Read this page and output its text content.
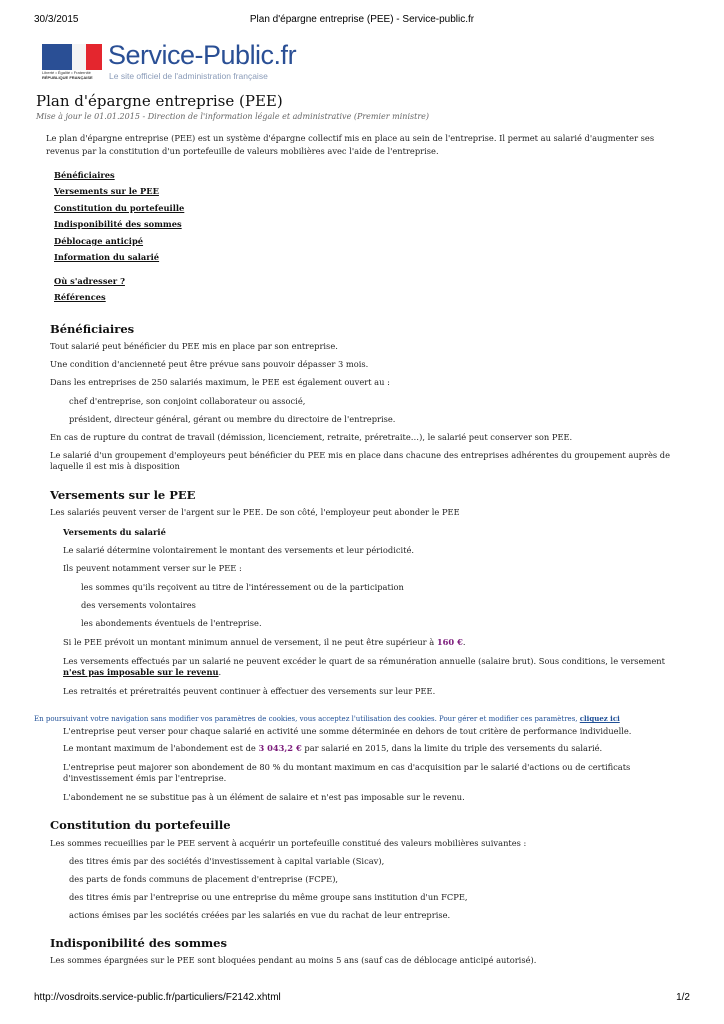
30/3/2015	Plan d'épargne entreprise (PEE) - Service-public.fr
Liberté • Égalité • Fraternité
RÉPUBLIQUE FRANÇAISE
Service-Public.fr
Le site officiel de l'administration française
Plan d'épargne entreprise (PEE)
Mise à jour le 01.01.2015 - Direction de l'information légale et administrative (Premier ministre)

Le plan d'épargne entreprise (PEE) est un système d'épargne collectif mis en place au sein de l'entreprise. Il permet au salarié d'augmenter ses revenus par la constitution d'un portefeuille de valeurs mobilières avec l'aide de l'entreprise.

Bénéficiaires
Versements sur le PEE
Constitution du portefeuille
Indisponibilité des sommes
Déblocage anticipé
Information du salarié
Où s'adresser ?
Références
Bénéficiaires

Tout salarié peut bénéficier du PEE mis en place par son entreprise.

Une condition d'ancienneté peut être prévue sans pouvoir dépasser 3 mois.

Dans les entreprises de 250 salariés maximum, le PEE est également ouvert au :

chef d'entreprise, son conjoint collaborateur ou associé,

président, directeur général, gérant ou membre du directoire de l'entreprise.

En cas de rupture du contrat de travail (démission, licenciement, retraite, préretraite…), le salarié peut conserver son PEE.

Le salarié d'un groupement d'employeurs peut bénéficier du PEE mis en place dans chacune des entreprises adhérentes du groupement auprès de laquelle il est mis à disposition

Versements sur le PEE

Les salariés peuvent verser de l'argent sur le PEE. De son côté, l'employeur peut abonder le PEE

Versements du salarié

Le salarié détermine volontairement le montant des versements et leur périodicité.

Ils peuvent notamment verser sur le PEE :

les sommes qu'ils reçoivent au titre de l'intéressement ou de la participation

des versements volontaires

les abondements éventuels de l'entreprise.

Si le PEE prévoit un montant minimum annuel de versement, il ne peut être supérieur à 160 €.

Les versements effectués par un salarié ne peuvent excéder le quart de sa rémunération annuelle (salaire brut). Sous conditions, le versement n'est pas imposable sur le revenu.

Les retraités et préretraités peuvent continuer à effectuer des versements sur leur PEE.

En poursuivant votre navigation sans modifier vos paramètres de cookies, vous acceptez l'utilisation des cookies. Pour gérer et modifier ces paramètres, cliquez ici

L'entreprise peut verser pour chaque salarié en activité une somme déterminée en dehors de tout critère de performance individuelle.

Le montant maximum de l'abondement est de 3 043,2 € par salarié en 2015, dans la limite du triple des versements du salarié.

L'entreprise peut majorer son abondement de 80 % du montant maximum en cas d'acquisition par le salarié d'actions ou de certificats d'investissement émis par l'entreprise.

L'abondement ne se substitue pas à un élément de salaire et n'est pas imposable sur le revenu.

Constitution du portefeuille

Les sommes recueillies par le PEE servent à acquérir un portefeuille constitué des valeurs mobilières suivantes :

des titres émis par des sociétés d'investissement à capital variable (Sicav),

des parts de fonds communs de placement d'entreprise (FCPE),

des titres émis par l'entreprise ou une entreprise du même groupe sans institution d'un FCPE,

actions émises par les sociétés créées par les salariés en vue du rachat de leur entreprise.

Indisponibilité des sommes

Les sommes épargnées sur le PEE sont bloquées pendant au moins 5 ans (sauf cas de déblocage anticipé autorisé).

http://vosdroits.service-public.fr/particuliers/F2142.xhtml	1/2
